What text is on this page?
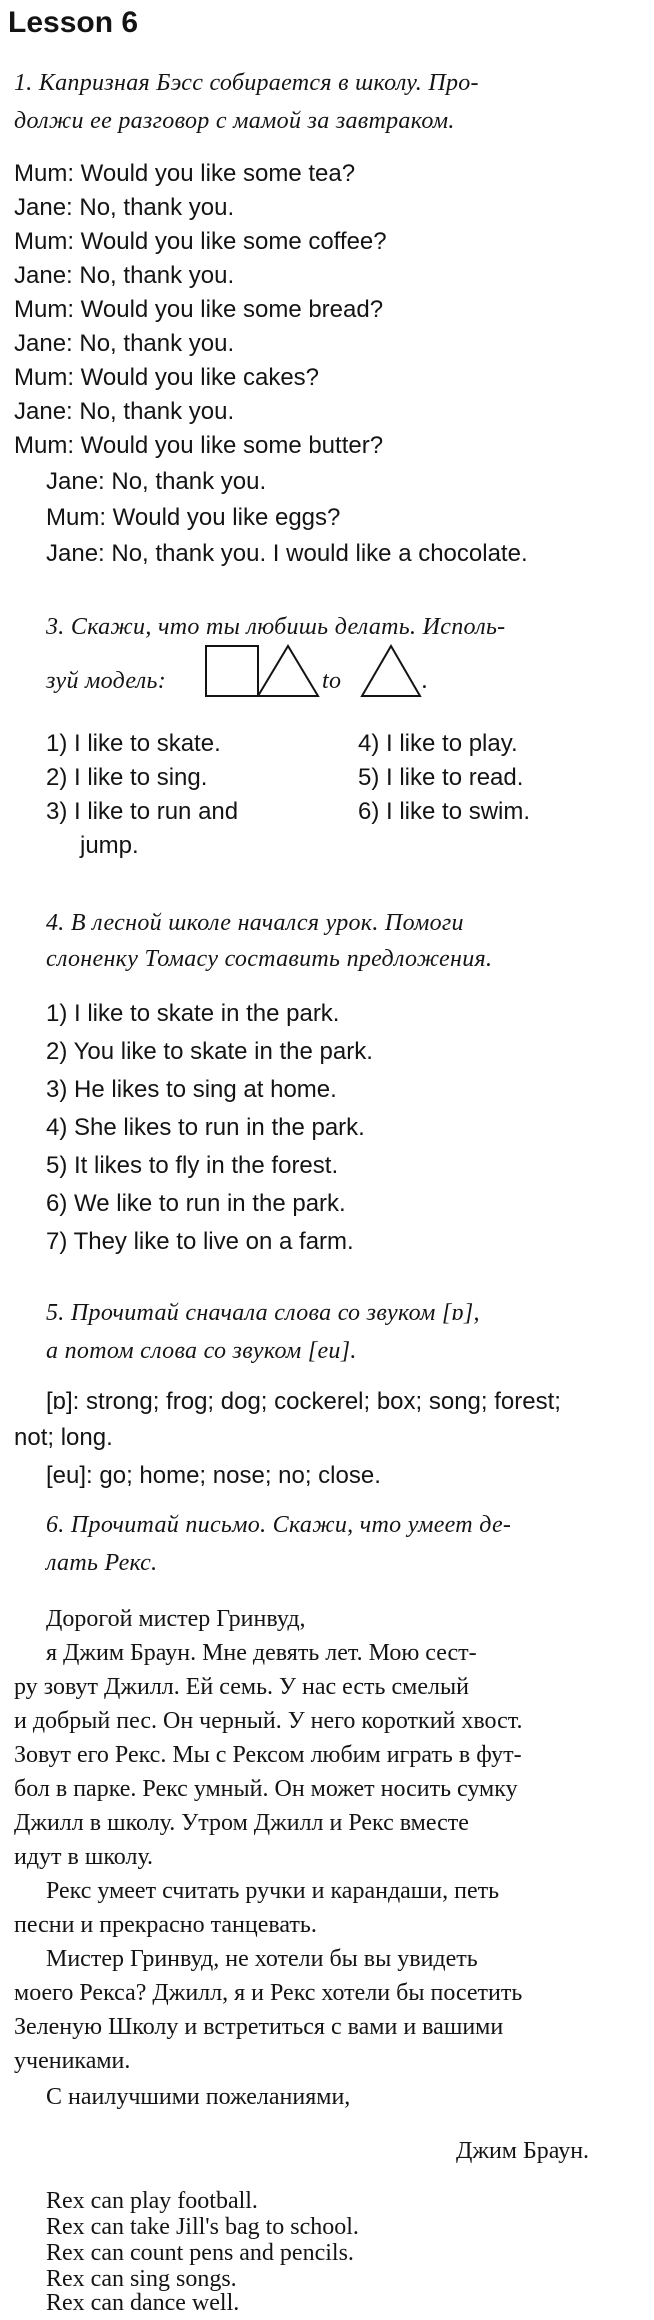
Lesson 6
1. Капризная Бэсс собирается в школу. Про-
должи ее разговор с мамой за завтраком.
Mum: Would you like some tea?
Jane: No, thank you.
Mum: Would you like some coffee?
Jane: No, thank you.
Mum: Would you like some bread?
Jane: No, thank you.
Mum: Would you like cakes?
Jane: No, thank you.
Mum: Would you like some butter?
Jane: No, thank you.
Mum: Would you like eggs?
Jane: No, thank you. I would like a chocolate.
3. Скажи, что ты любишь делать. Исполь-
зуй модель:	to	.
1) I like to skate.
2) I like to sing.
3) I like to run and
jump.
4) I like to play.
5) I like to read.
6) I like to swim.
4. В лесной школе начался урок. Помоги
слоненку Томасу составить предложения.
1) I like to skate in the park.
2) You like to skate in the park.
3) He likes to sing at home.
4) She likes to run in the park.
5) It likes to fly in the forest.
6) We like to run in the park.
7) They like to live on a farm.
5. Прочитай сначала слова со звуком [ɒ],
а потом слова со звуком [eu].
[ɒ]: strong; frog; dog; cockerel; box; song; forest;
not; long.
[eu]: go; home; nose; no; close.
6. Прочитай письмо. Скажи, что умеет де-
лать Рекс.
Дорогой мистер Гринвуд,
я Джим Браун. Мне девять лет. Мою сест-
ру зовут Джилл. Ей семь. У нас есть смелый
и добрый пес. Он черный. У него короткий хвост.
Зовут его Рекс. Мы с Рексом любим играть в фут-
бол в парке. Рекс умный. Он может носить сумку
Джилл в школу. Утром Джилл и Рекс вместе
идут в школу.
Рекс умеет считать ручки и карандаши, петь
песни и прекрасно танцевать.
Мистер Гринвуд, не хотели бы вы увидеть
моего Рекса? Джилл, я и Рекс хотели бы посетить
Зеленую Школу и встретиться с вами и вашими
учениками.
С наилучшими пожеланиями,
Джим Браун.
Rex can play football.
Rex can take Jill's bag to school.
Rex can count pens and pencils.
Rex can sing songs.
Rex can dance well.
